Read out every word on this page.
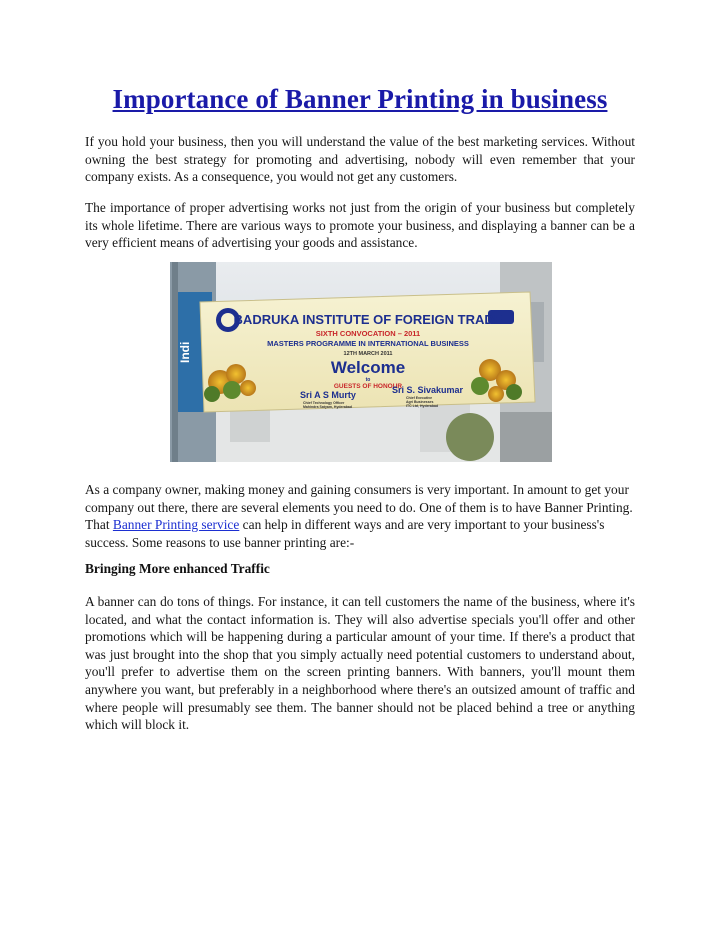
Importance of Banner Printing in business

If you hold your business, then you will understand the value of the best marketing services. Without owning the best strategy for promoting and advertising, nobody will even remember that your company exists. As a consequence, you would not get any customers.

The importance of proper advertising works not just from the origin of your business but completely its whole lifetime. There are various ways to promote your business, and displaying a banner can be a very efficient means of advertising your goods and assistance.

BADRUKA INSTITUTE OF FOREIGN TRADE
SIXTH CONVOCATION – 2011
MASTERS PROGRAMME IN INTERNATIONAL BUSINESS
12TH MARCH 2011
Welcome
to
GUESTS OF HONOUR
Sri A S Murty	Sri S. Sivakumar
Chief Technology Officer
Mahindra Satyam, Hyderabad
Chief Executive
Agri Businesses
ITC Ltd, Hyderabad
Indi

As a company owner, making money and gaining consumers is very important. In amount to get your company out there, there are several elements you need to do. One of them is to have Banner Printing. That Banner Printing service can help in different ways and are very important to your business's success. Some reasons to use banner printing are:-

Bringing More enhanced Traffic

A banner can do tons of things. For instance, it can tell customers the name of the business, where it's located, and what the contact information is. They will also advertise specials you'll offer and other promotions which will be happening during a particular amount of your time. If there's a product that was just brought into the shop that you simply actually need potential customers to understand about, you'll prefer to advertise them on the screen printing banners. With banners, you'll mount them anywhere you want, but preferably in a neighborhood where there's an outsized amount of traffic and where people will presumably see them. The banner should not be placed behind a tree or anything which will block it.
